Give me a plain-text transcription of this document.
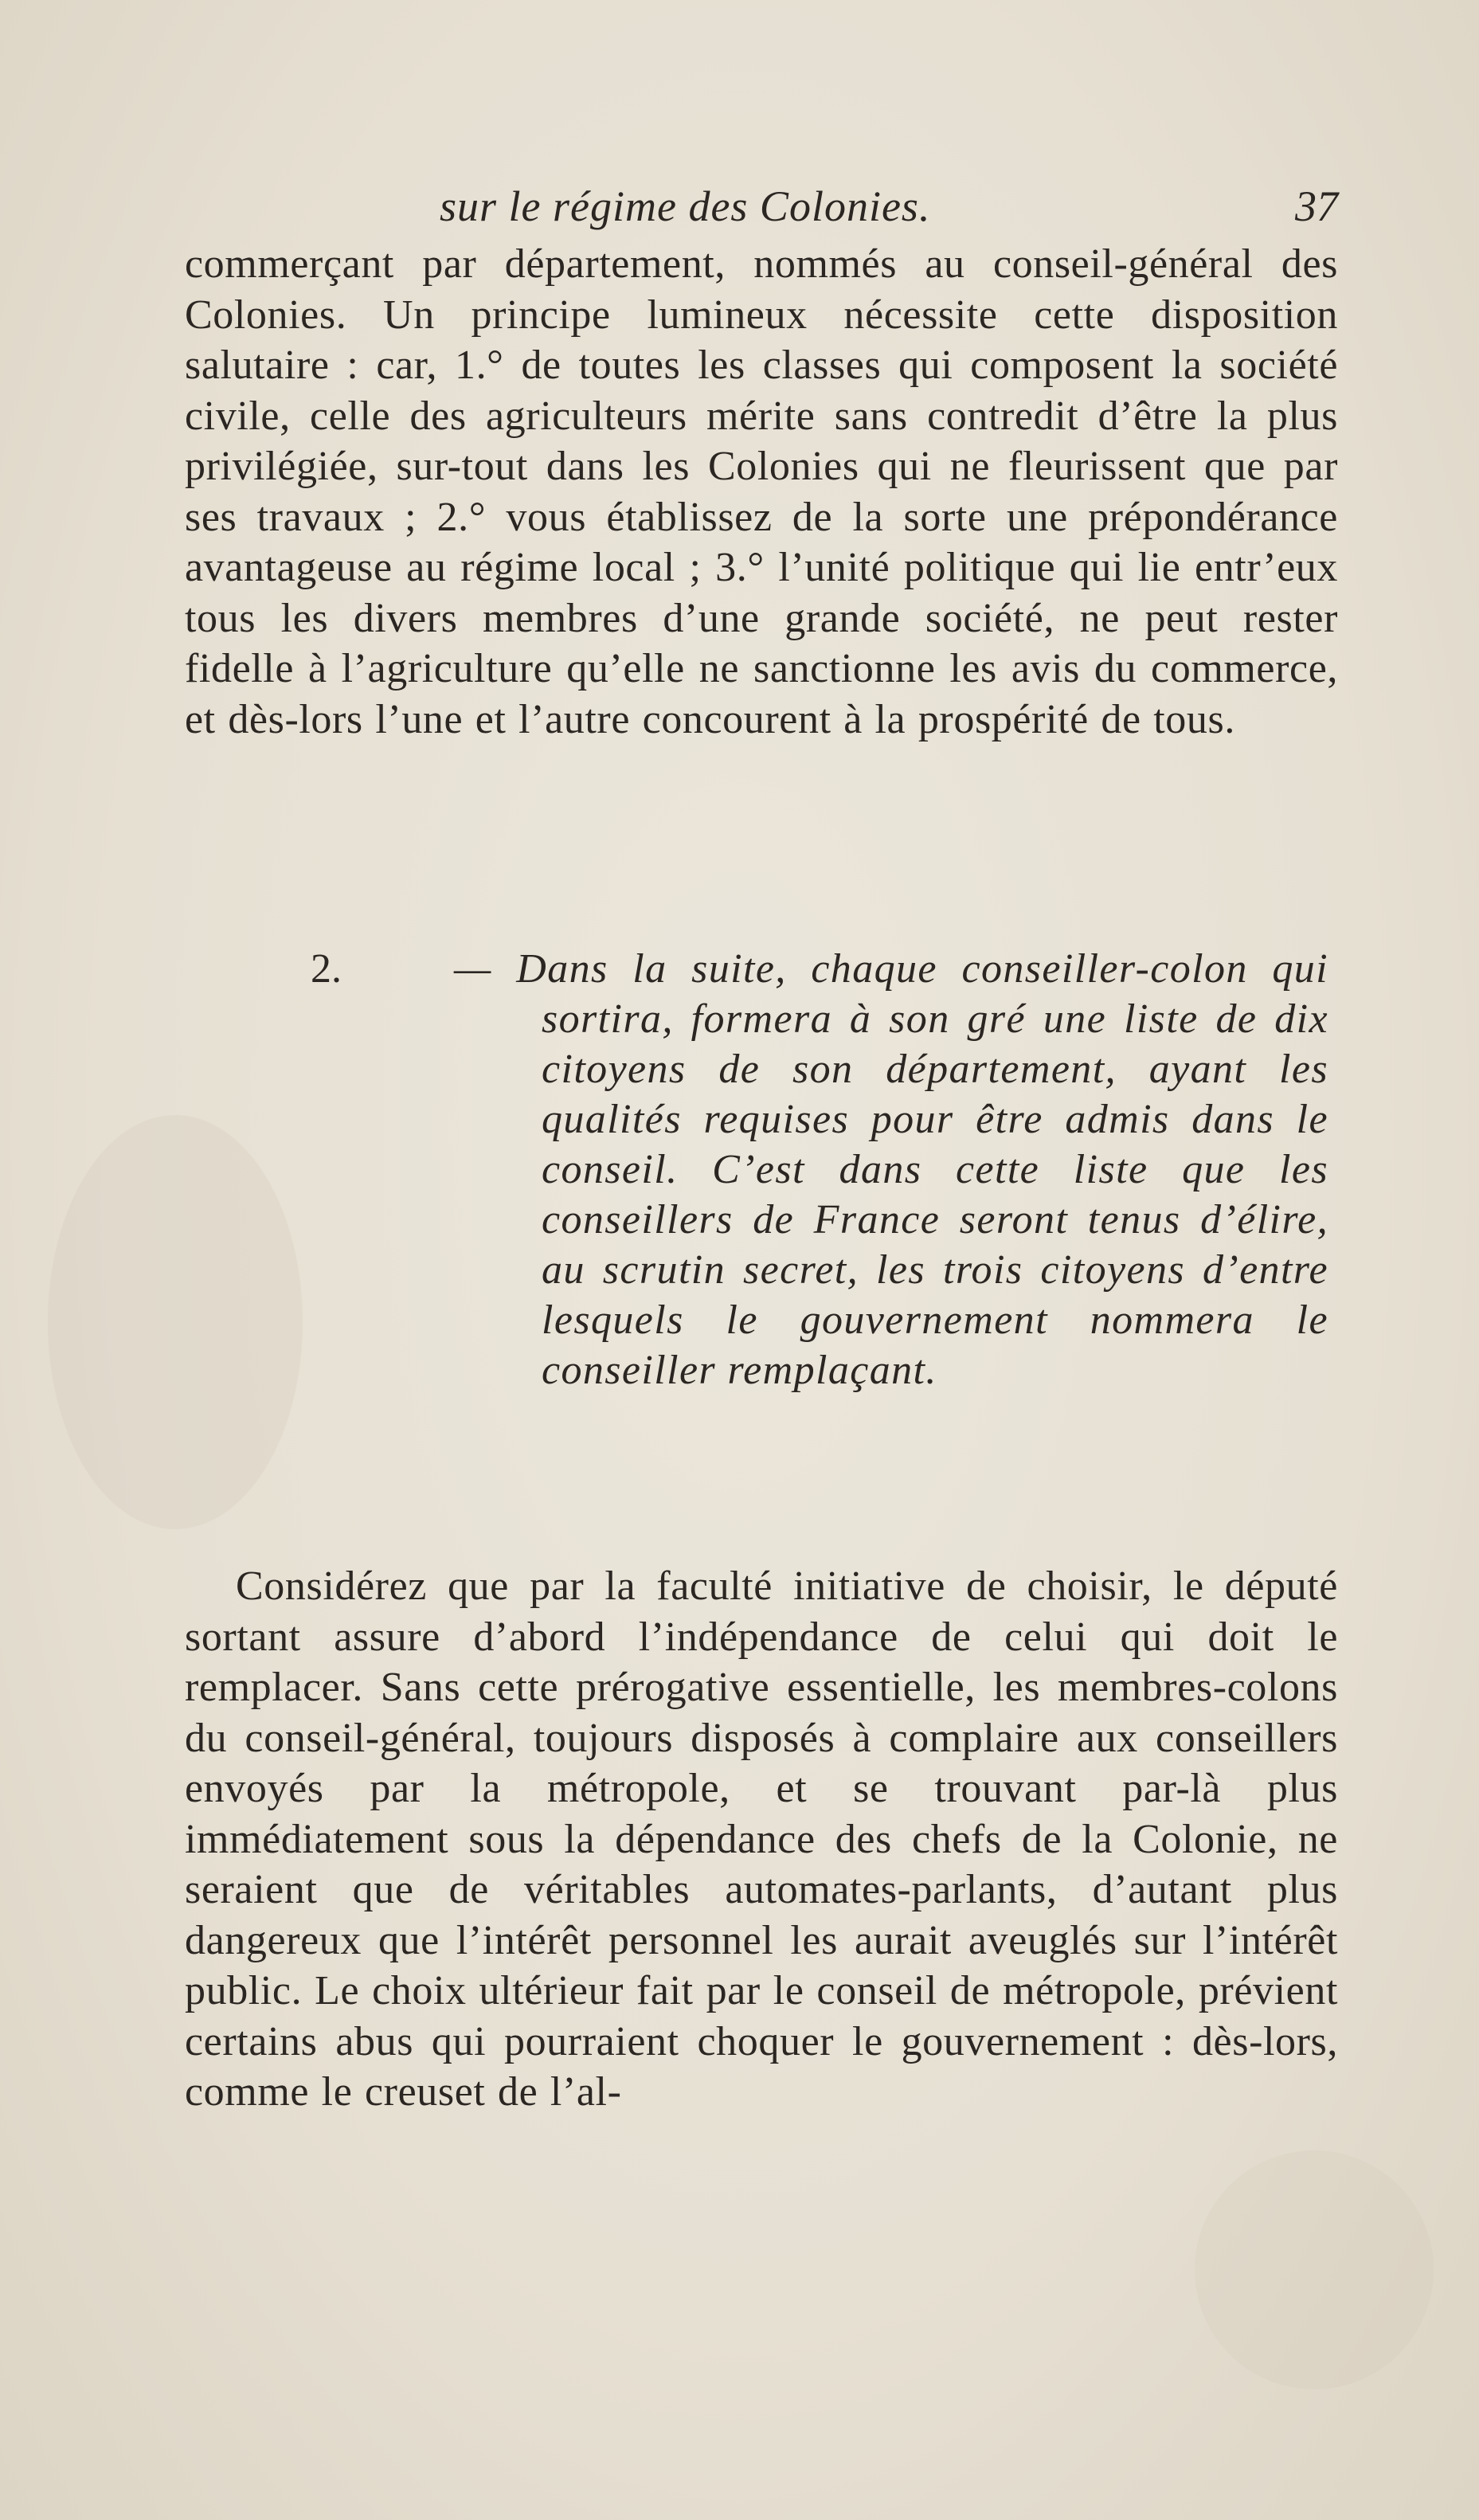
sur le régime des Colonies.	37
commerçant par département, nommés au conseil-général des Colonies. Un principe lumineux nécessite cette disposition salutaire : car, 1.° de toutes les classes qui composent la société civile, celle des agriculteurs mérite sans contredit d’être la plus privilégiée, sur-tout dans les Colonies qui ne fleurissent que par ses travaux ; 2.° vous établissez de la sorte une prépondérance avantageuse au régime local ; 3.° l’unité politique qui lie entr’eux tous les divers membres d’une grande société, ne peut rester fidelle à l’agriculture qu’elle ne sanctionne les avis du commerce, et dès-lors l’une et l’autre concourent à la prospérité de tous.
2.	— Dans la suite, chaque conseiller-colon qui sortira, formera à son gré une liste de dix citoyens de son département, ayant les qualités requises pour être admis dans le conseil. C’est dans cette liste que les conseillers de France seront tenus d’élire, au scrutin secret, les trois citoyens d’entre lesquels le gouvernement nommera le conseiller remplaçant.
Considérez que par la faculté initiative de choisir, le député sortant assure d’abord l’indépendance de celui qui doit le remplacer. Sans cette prérogative essentielle, les membres-colons du conseil-général, toujours disposés à complaire aux conseillers envoyés par la métropole, et se trouvant par-là plus immédiatement sous la dépendance des chefs de la Colonie, ne seraient que de véritables automates-parlants, d’autant plus dangereux que l’intérêt personnel les aurait aveuglés sur l’intérêt public. Le choix ultérieur fait par le conseil de métropole, prévient certains abus qui pourraient choquer le gouvernement : dès-lors, comme le creuset de l’al-
